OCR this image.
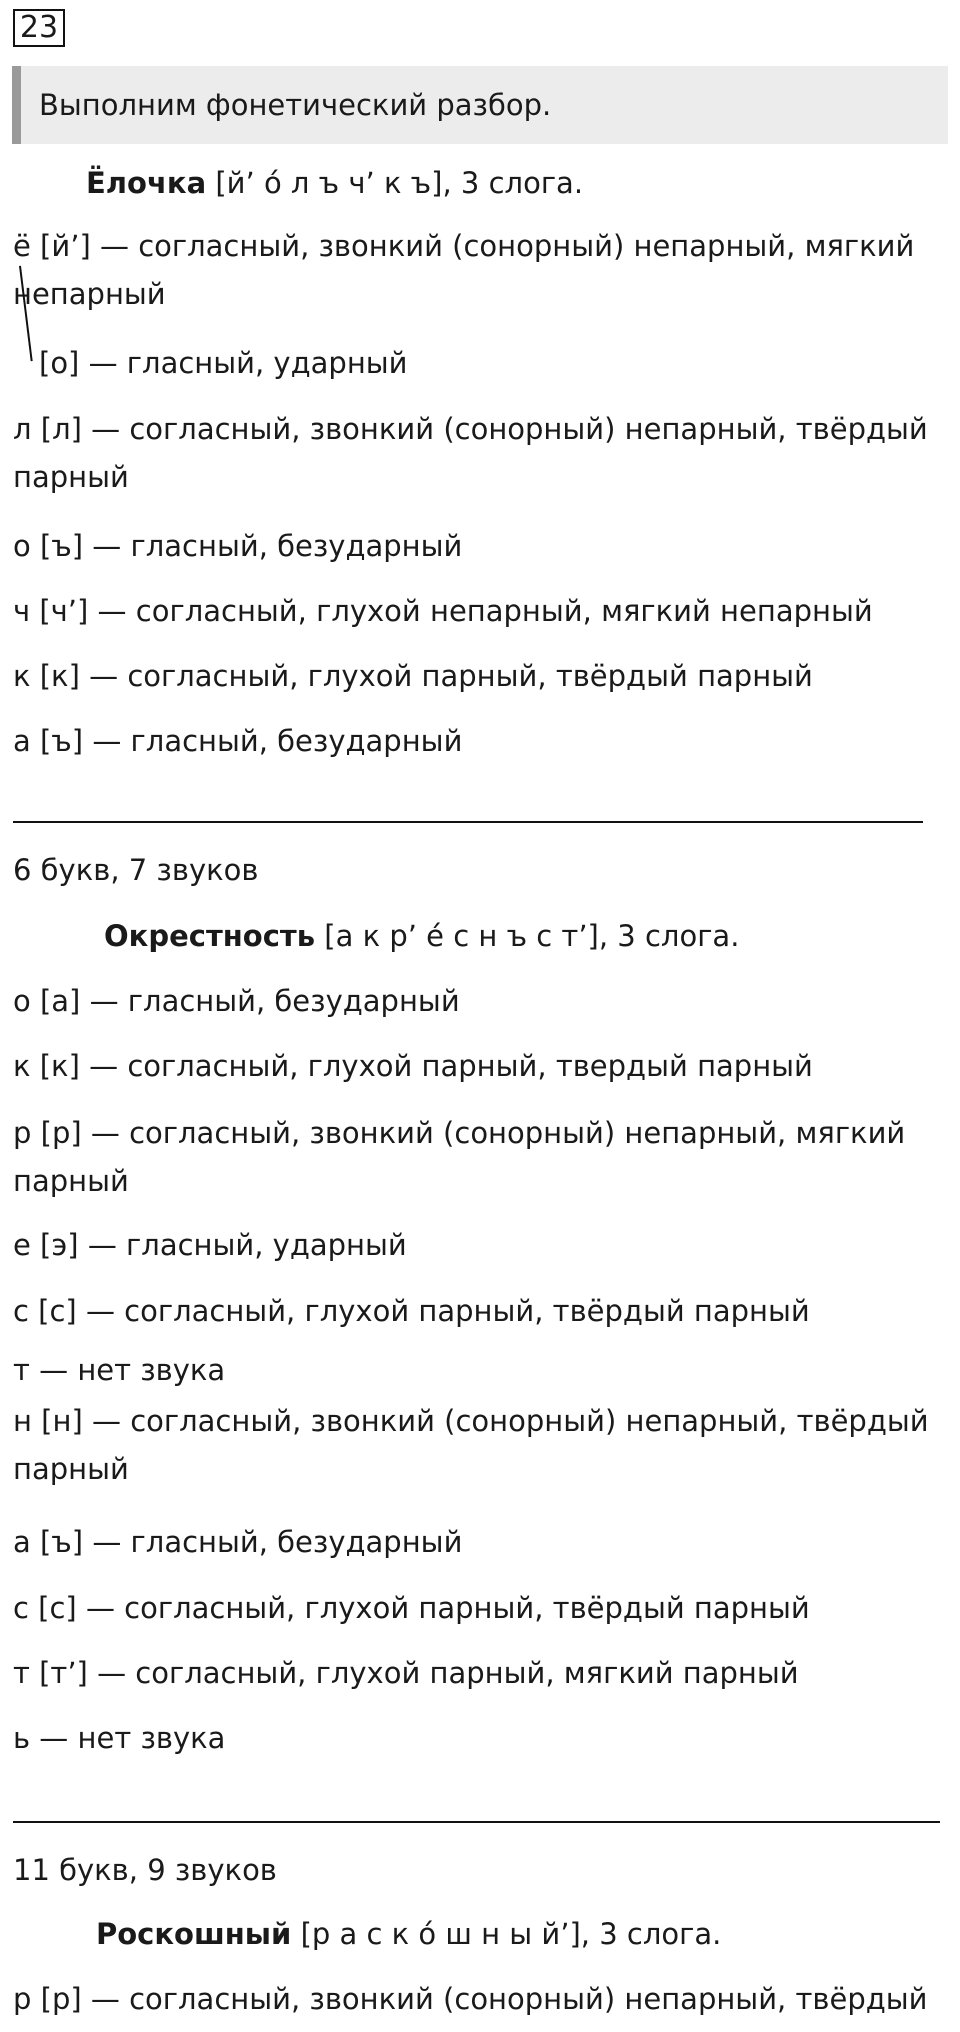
23
Выполним фонетический разбор.
Ёлочка [й’ о́ л ъ ч’ к ъ], 3 слога.
ё [й’] — согласный, звонкий (сонорный) непарный, мягкий непарный
[о] — гласный, ударный
л [л] — согласный, звонкий (сонорный) непарный, твёрдый парный
о [ъ] — гласный, безударный
ч [ч’] — согласный, глухой непарный, мягкий непарный
к [к] — согласный, глухой парный, твёрдый парный
а [ъ] — гласный, безударный
6 букв, 7 звуков
Окрестность [а к р’ е́ с н ъ с т’], 3 слога.
о [а] — гласный, безударный
к [к] — согласный, глухой парный, твердый парный
р [р] — согласный, звонкий (сонорный) непарный, мягкий парный
е [э] — гласный, ударный
с [с] — согласный, глухой парный, твёрдый парный
т — нет звука
н [н] — согласный, звонкий (сонорный) непарный, твёрдый парный
а [ъ] — гласный, безударный
с [с] — согласный, глухой парный, твёрдый парный
т [т’] — согласный, глухой парный, мягкий парный
ь — нет звука
11 букв, 9 звуков
Роскошный [р а с к о́ ш н ы й’], 3 слога.
р [р] — согласный, звонкий (сонорный) непарный, твёрдый
